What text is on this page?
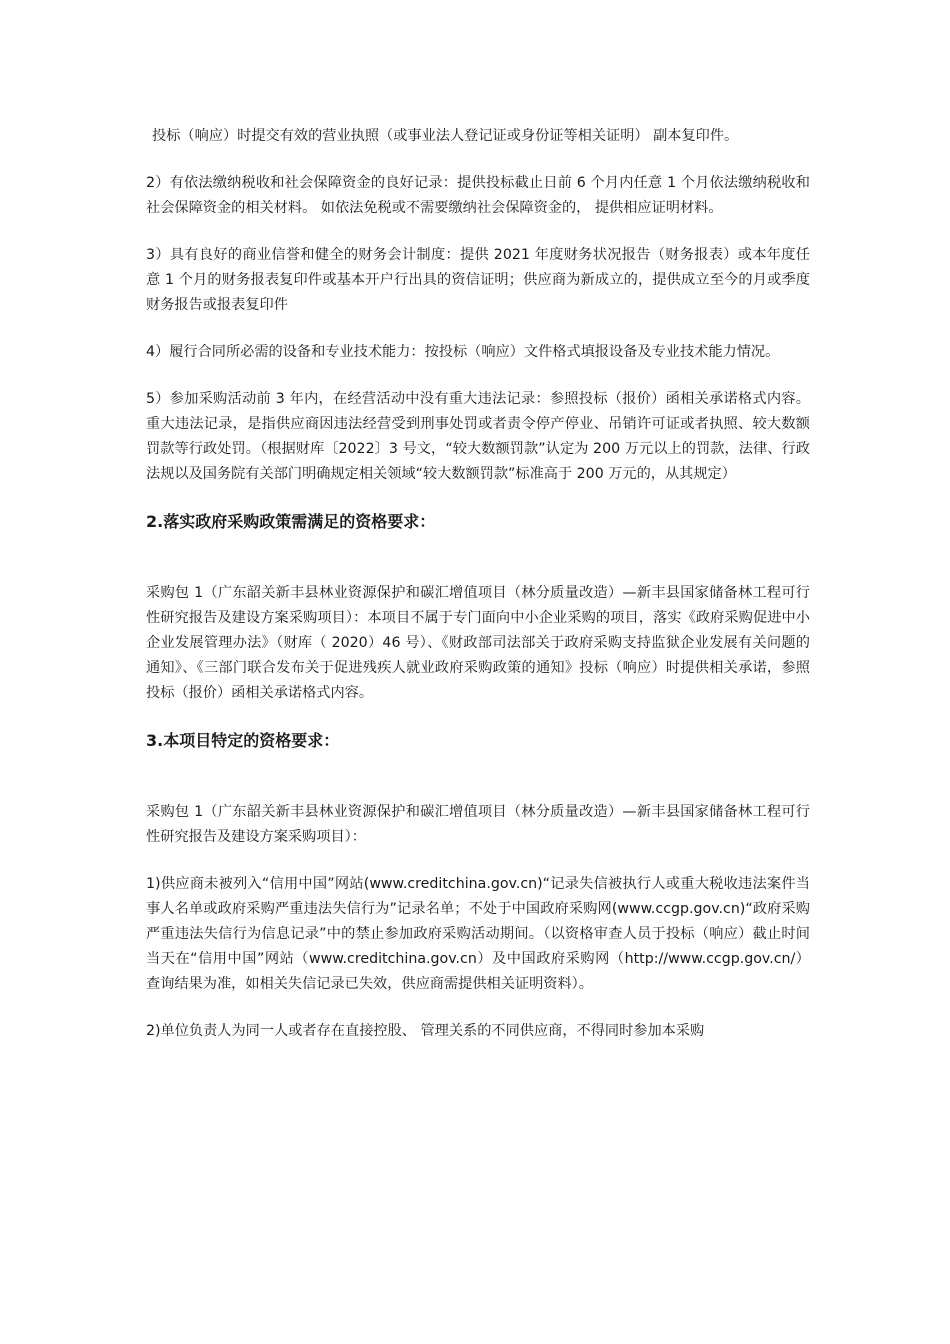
投标（响应）时提交有效的营业执照（或事业法人登记证或身份证等相关证明） 副本复印件。

2）有依法缴纳税收和社会保障资金的良好记录：提供投标截止日前 6 个月内任意 1 个月依法缴纳税收和社会保障资金的相关材料。 如依法免税或不需要缴纳社会保障资金的， 提供相应证明材料。

3）具有良好的商业信誉和健全的财务会计制度：提供 2021 年度财务状况报告（财务报表）或本年度任意 1 个月的财务报表复印件或基本开户行出具的资信证明；供应商为新成立的，提供成立至今的月或季度财务报告或报表复印件

4）履行合同所必需的设备和专业技术能力：按投标（响应）文件格式填报设备及专业技术能力情况。

5）参加采购活动前 3 年内，在经营活动中没有重大违法记录：参照投标（报价）函相关承诺格式内容。 重大违法记录，是指供应商因违法经营受到刑事处罚或者责令停产停业、吊销许可证或者执照、较大数额罚款等行政处罚。（根据财库〔2022〕3 号文，“较大数额罚款”认定为 200 万元以上的罚款，法律、行政法规以及国务院有关部门明确规定相关领域“较大数额罚款”标准高于 200 万元的，从其规定）

2.落实政府采购政策需满足的资格要求：

采购包 1（广东韶关新丰县林业资源保护和碳汇增值项目（林分质量改造）—新丰县国家储备林工程可行性研究报告及建设方案采购项目）：本项目不属于专门面向中小企业采购的项目，落实《政府采购促进中小企业发展管理办法》（财库（ 2020）46 号）、《财政部司法部关于政府采购支持监狱企业发展有关问题的通知》、《三部门联合发布关于促进残疾人就业政府采购政策的通知》投标（响应）时提供相关承诺，参照投标（报价）函相关承诺格式内容。

3.本项目特定的资格要求：

采购包 1（广东韶关新丰县林业资源保护和碳汇增值项目（林分质量改造）—新丰县国家储备林工程可行性研究报告及建设方案采购项目）：

1)供应商未被列入“信用中国”网站(www.creditchina.gov.cn)“记录失信被执行人或重大税收违法案件当事人名单或政府采购严重违法失信行为”记录名单；不处于中国政府采购网(www.ccgp.gov.cn)“政府采购严重违法失信行为信息记录”中的禁止参加政府采购活动期间。（以资格审查人员于投标（响应）截止时间当天在“信用中国”网站（www.creditchina.gov.cn）及中国政府采购网（http://www.ccgp.gov.cn/）查询结果为准，如相关失信记录已失效，供应商需提供相关证明资料）。

2)单位负责人为同一人或者存在直接控股、 管理关系的不同供应商，不得同时参加本采购
